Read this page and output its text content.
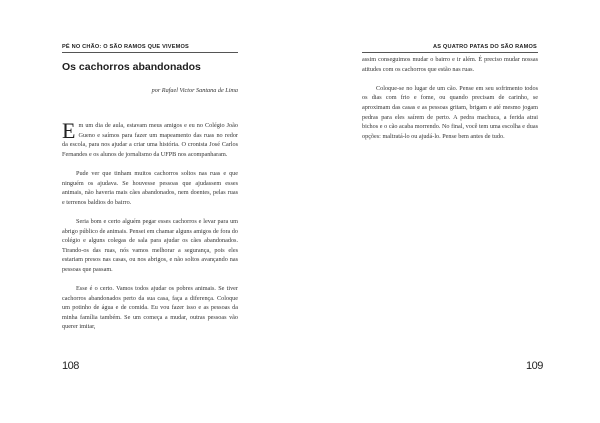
PÉ NO CHÃO: O SÃO RAMOS QUE VIVEMOS
Os cachorros abandonados
por Rafael Victor Santana de Lima

Em um dia de aula, estavam meus amigos e eu no Colégio João Gueno e saímos para fazer um mapeamento das ruas no redor da escola, para nos ajudar a criar uma história. O cronista José Carlos Fernandes e os alunos de jornalismo da UFPB nos acompanharam.

Pude ver que tinham muitos cachorros soltos nas ruas e que ninguém os ajudava. Se houvesse pessoas que ajudassem esses animais, não haveria mais cães abandonados, nem doentes, pelas ruas e terrenos baldios do bairro.

Seria bom e certo alguém pegar esses cachorros e levar para um abrigo público de animais. Pensei em chamar alguns amigos de fora do colégio e alguns colegas de sala para ajudar os cães abandonados. Tirando-os das ruas, nós vamos melhorar a segurança, pois eles estariam presos nas casas, ou nos abrigos, e não soltos avançando nas pessoas que passam.

Esse é o certo. Vamos todos ajudar os pobres animais. Se tiver cachorros abandonados perto da sua casa, faça a diferença. Coloque um potinho de água e de comida. Eu vou fazer isso e as pessoas da minha família também. Se um começa a mudar, outras pessoas vão querer imitar,

108
AS QUATRO PATAS DO SÃO RAMOS

assim conseguimos mudar o bairro e ir além. É preciso mudar nossas atitudes com os cachorros que estão nas ruas.

Coloque-se no lugar de um cão. Pense em seu sofrimento todos os dias com frio e fome, ou quando precisam de carinho, se aproximam das casas e as pessoas gritam, brigam e até mesmo jogam pedras para eles saírem de perto. A pedra machuca, a ferida atrai bichos e o cão acaba morrendo. No final, você tem uma escolha e duas opções: maltratá-lo ou ajudá-lo. Pense bem antes de tudo.

109
